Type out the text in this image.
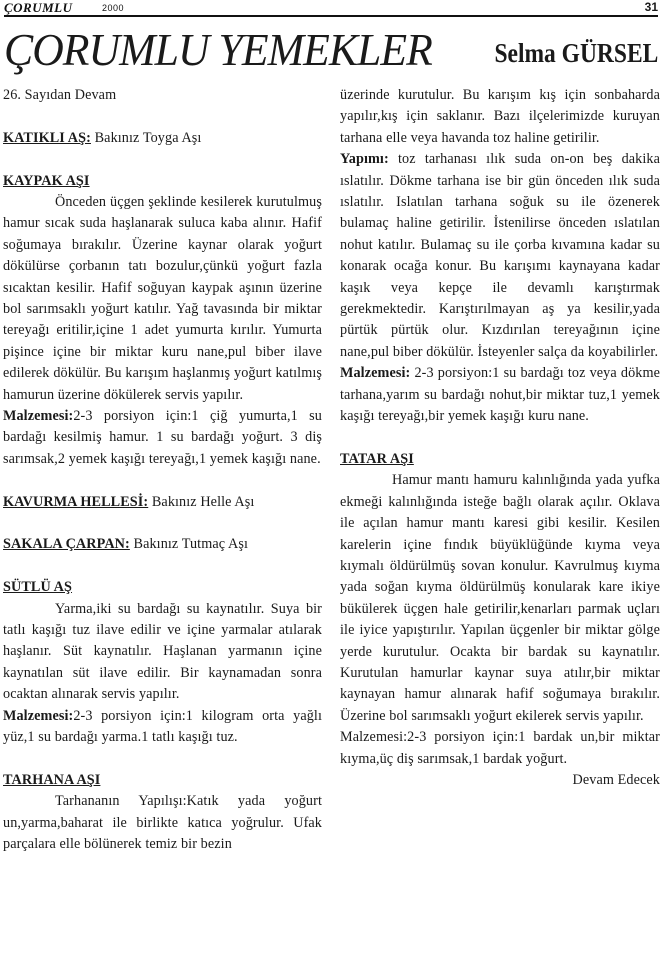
ÇORUMLU	2000	31
ÇORUMLU YEMEKLER Selma GÜRSEL

26. Sayıdan Devam

KATIKLI AŞ: Bakınız Toyga Aşı

KAYPAK AŞI

Önceden üçgen şeklinde kesilerek kurutulmuş hamur sıcak suda haşlanarak suluca kaba alınır. Hafif soğumaya bırakılır. Üzerine kaynar olarak yoğurt dökülürse çorbanın tatı bozulur,çünkü yoğurt fazla sıcaktan kesilir. Hafif soğuyan kaypak aşının üzerine bol sarımsaklı yoğurt katılır. Yağ tavasında bir miktar tereyağı eritilir,içine 1 adet yumurta kırılır. Yumurta pişince içine bir miktar kuru nane,pul biber ilave edilerek dökülür. Bu karışım haşlanmış yoğurt katılmış hamurun üzerine dökülerek servis yapılır.

Malzemesi:2-3 porsiyon için:1 çiğ yumurta,1 su bardağı kesilmiş hamur. 1 su bardağı yoğurt. 3 diş sarımsak,2 yemek kaşığı tereyağı,1 yemek kaşığı nane.

KAVURMA HELLESİ: Bakınız Helle Aşı

SAKALA ÇARPAN: Bakınız Tutmaç Aşı

SÜTLÜ AŞ

Yarma,iki su bardağı su kaynatılır. Suya bir tatlı kaşığı tuz ilave edilir ve içine yarmalar atılarak haşlanır. Süt kaynatılır. Haşlanan yarmanın içine kaynatılan süt ilave edilir. Bir kaynamadan sonra ocaktan alınarak servis yapılır.

Malzemesi:2-3 porsiyon için:1 kilogram orta yağlı yüz,1 su bardağı yarma.1 tatlı kaşığı tuz.

TARHANA AŞI

Tarhananın Yapılışı:Katık yada yoğurt un,yarma,baharat ile birlikte katıca yoğrulur. Ufak parçalara elle bölünerek temiz bir bezin

üzerinde kurutulur. Bu karışım kış için sonbaharda yapılır,kış için saklanır. Bazı ilçelerimizde kuruyan tarhana elle veya havanda toz haline getirilir.

Yapımı: toz tarhanası ılık suda on-on beş dakika ıslatılır. Dökme tarhana ise bir gün önceden ılık suda ıslatılır. Islatılan tarhana soğuk su ile özenerek bulamaç haline getirilir. İstenilirse önceden ıslatılan nohut katılır. Bulamaç su ile çorba kıvamına kadar su konarak ocağa konur. Bu karışımı kaynayana kadar kaşık veya kepçe ile devamlı karıştırmak gerekmektedir. Karıştırılmayan aş ya kesilir,yada pürtük pürtük olur. Kızdırılan tereyağının içine nane,pul biber dökülür. İsteyenler salça da koyabilirler.

Malzemesi: 2-3 porsiyon:1 su bardağı toz veya dökme tarhana,yarım su bardağı nohut,bir miktar tuz,1 yemek kaşığı tereyağı,bir yemek kaşığı kuru nane.

TATAR AŞI

Hamur mantı hamuru kalınlığında yada yufka ekmeği kalınlığında isteğe bağlı olarak açılır. Oklava ile açılan hamur mantı karesi gibi kesilir. Kesilen karelerin içine fındık büyüklüğünde kıyma veya kıymalı öldürülmüş sovan konulur. Kavrulmuş kıyma yada soğan kıyma öldürülmüş konularak kare ikiye bükülerek üçgen hale getirilir,kenarları parmak uçları ile iyice yapıştırılır. Yapılan üçgenler bir miktar gölge yerde kurutulur. Ocakta bir bardak su kaynatılır. Kurutulan hamurlar kaynar suya atılır,bir miktar kaynayan hamur alınarak hafif soğumaya bırakılır. Üzerine bol sarımsaklı yoğurt ekilerek servis yapılır.

Malzemesi:2-3 porsiyon için:1 bardak un,bir miktar kıyma,üç diş sarımsak,1 bardak yoğurt.

Devam Edecek
